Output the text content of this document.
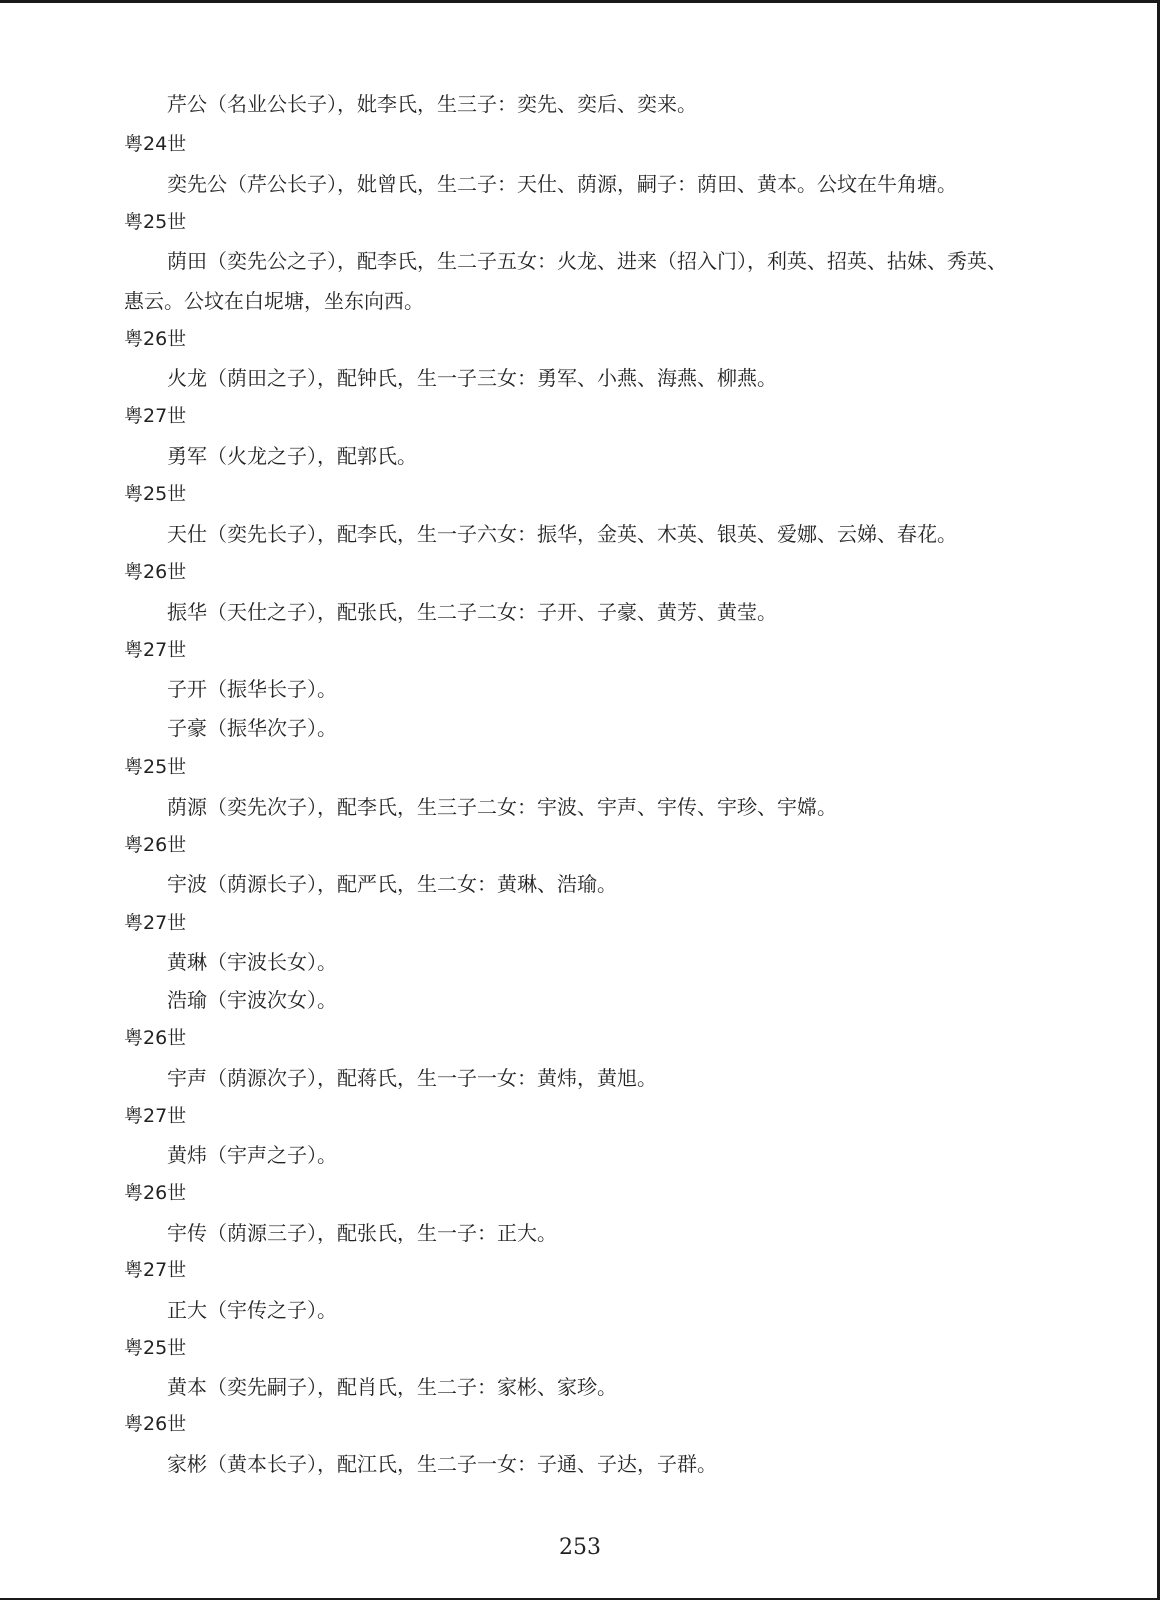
芹公（名业公长子），妣李氏，生三子：奕先、奕后、奕来。
粤24世
奕先公（芹公长子），妣曾氏，生二子：天仕、荫源，嗣子：荫田、黄本。公坟在牛角塘。
粤25世
荫田（奕先公之子），配李氏，生二子五女：火龙、进来（招入门），利英、招英、拈妹、秀英、
惠云。公坟在白坭塘，坐东向西。
粤26世
火龙（荫田之子），配钟氏，生一子三女：勇军、小燕、海燕、柳燕。
粤27世
勇军（火龙之子），配郭氏。
粤25世
天仕（奕先长子），配李氏，生一子六女：振华，金英、木英、银英、爱娜、云娣、春花。
粤26世
振华（天仕之子），配张氏，生二子二女：子开、子豪、黄芳、黄莹。
粤27世
子开（振华长子）。
子豪（振华次子）。
粤25世
荫源（奕先次子），配李氏，生三子二女：宇波、宇声、宇传、宇珍、宇嫦。
粤26世
宇波（荫源长子），配严氏，生二女：黄琳、浩瑜。
粤27世
黄琳（宇波长女）。
浩瑜（宇波次女）。
粤26世
宇声（荫源次子），配蒋氏，生一子一女：黄炜，黄旭。
粤27世
黄炜（宇声之子）。
粤26世
宇传（荫源三子），配张氏，生一子：正大。
粤27世
正大（宇传之子）。
粤25世
黄本（奕先嗣子），配肖氏，生二子：家彬、家珍。
粤26世
家彬（黄本长子），配江氏，生二子一女：子通、子达，子群。
253
